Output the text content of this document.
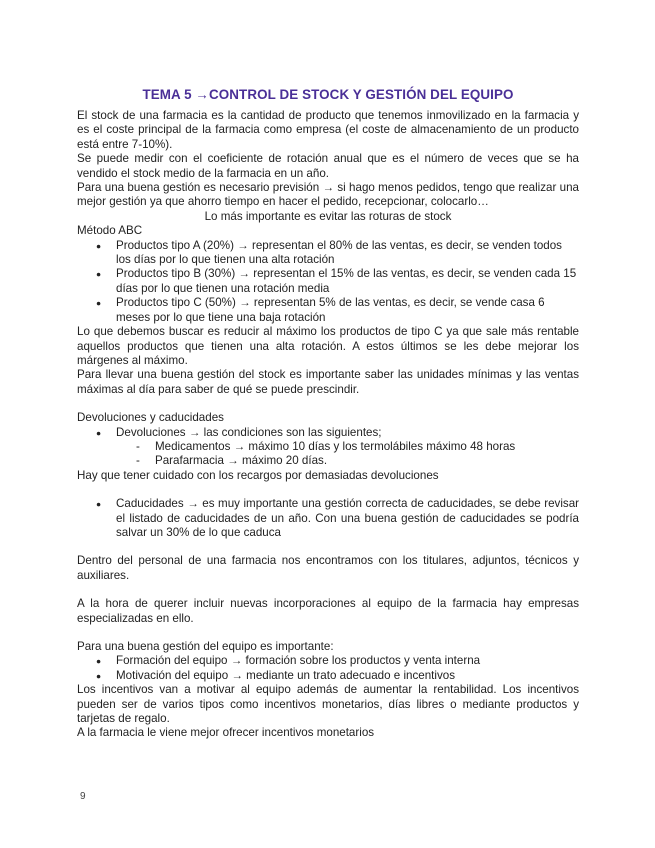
TEMA 5 →CONTROL DE STOCK Y GESTIÓN DEL EQUIPO

El stock de una farmacia es la cantidad de producto que tenemos inmovilizado en la farmacia y es el coste principal de la farmacia como empresa (el coste de almacenamiento de un producto está entre 7-10%).

Se puede medir con el coeficiente de rotación anual que es el número de veces que se ha vendido el stock medio de la farmacia en un año.

Para una buena gestión es necesario previsión → si hago menos pedidos, tengo que realizar una mejor gestión ya que ahorro tiempo en hacer el pedido, recepcionar, colocarlo…

Lo más importante es evitar las roturas de stock

Método ABC

● Productos tipo A (20%) → representan el 80% de las ventas, es decir, se venden todos los días por lo que tienen una alta rotación
● Productos tipo B (30%) → representan el 15% de las ventas, es decir, se venden cada 15 días por lo que tienen una rotación media
● Productos tipo C (50%) → representan 5% de las ventas, es decir, se vende casa 6 meses por lo que tiene una baja rotación

Lo que debemos buscar es reducir al máximo los productos de tipo C ya que sale más rentable aquellos productos que tienen una alta rotación. A estos últimos se les debe mejorar los márgenes al máximo.

Para llevar una buena gestión del stock es importante saber las unidades mínimas y las ventas máximas al día para saber de qué se puede prescindir.

Devoluciones y caducidades

● Devoluciones → las condiciones son las siguientes;
- Medicamentos → máximo 10 días y los termolábiles máximo 48 horas
- Parafarmacia → máximo 20 días.

Hay que tener cuidado con los recargos por demasiadas devoluciones

● Caducidades → es muy importante una gestión correcta de caducidades, se debe revisar el listado de caducidades de un año. Con una buena gestión de caducidades se podría salvar un 30% de lo que caduca

Dentro del personal de una farmacia nos encontramos con los titulares, adjuntos, técnicos y auxiliares.

A la hora de querer incluir nuevas incorporaciones al equipo de la farmacia hay empresas especializadas en ello.

Para una buena gestión del equipo es importante:

● Formación del equipo → formación sobre los productos y venta interna
● Motivación del equipo → mediante un trato adecuado e incentivos

Los incentivos van a motivar al equipo además de aumentar la rentabilidad. Los incentivos pueden ser de varios tipos como incentivos monetarios, días libres o mediante productos y tarjetas de regalo.

A la farmacia le viene mejor ofrecer incentivos monetarios

9
